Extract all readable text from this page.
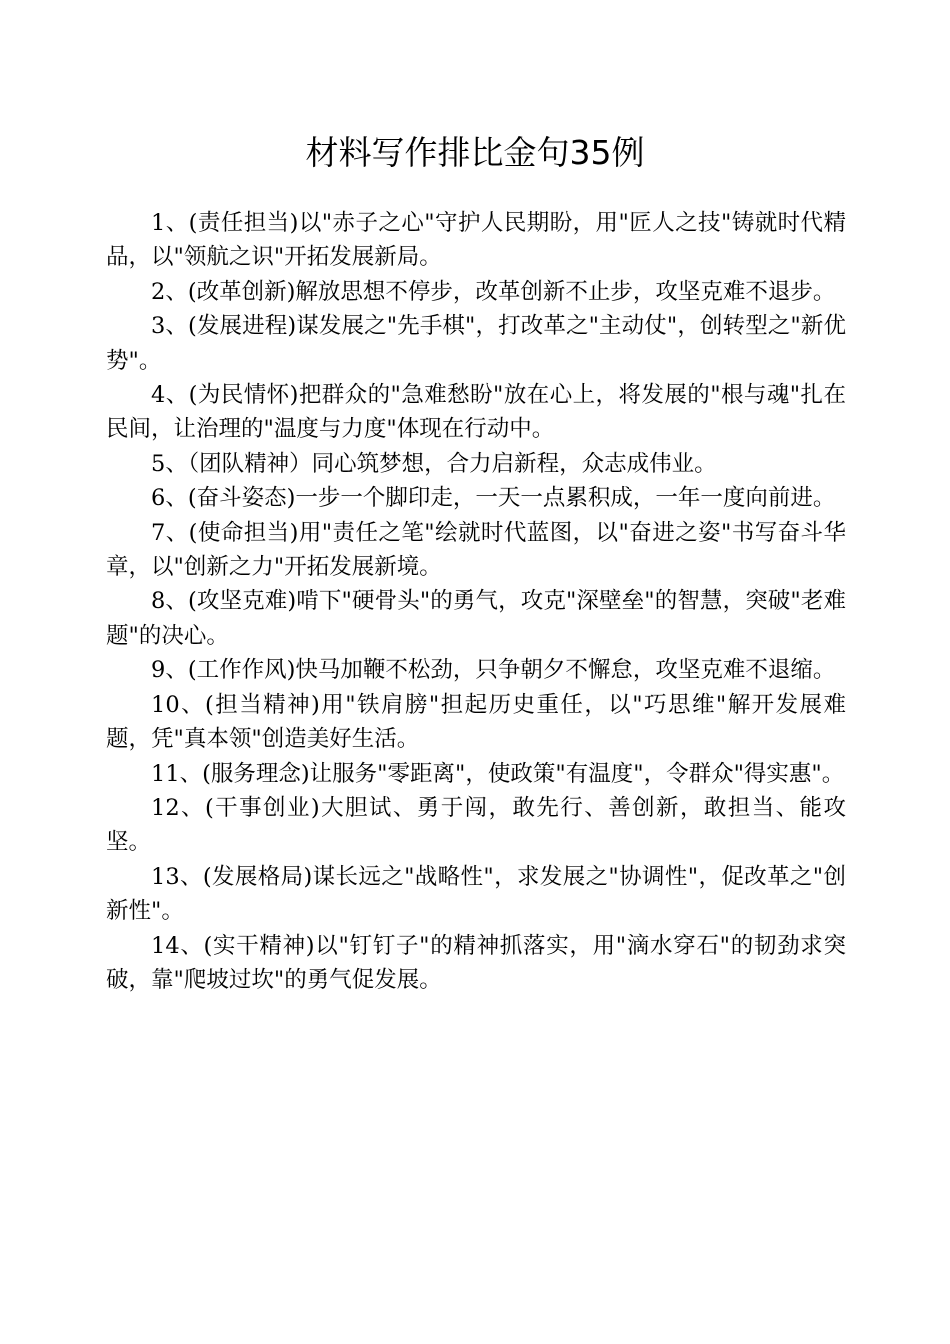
材料写作排比金句35例

1、(责任担当)以"赤子之心"守护人民期盼，用"匠人之技"铸就时代精品，以"领航之识"开拓发展新局。

2、(改革创新)解放思想不停步，改革创新不止步，攻坚克难不退步。

3、(发展进程)谋发展之"先手棋"，打改革之"主动仗"，创转型之"新优势"。

4、(为民情怀)把群众的"急难愁盼"放在心上，将发展的"根与魂"扎在民间，让治理的"温度与力度"体现在行动中。

5、（团队精神）同心筑梦想，合力启新程，众志成伟业。

6、(奋斗姿态)一步一个脚印走，一天一点累积成，一年一度向前进。

7、(使命担当)用"责任之笔"绘就时代蓝图，以"奋进之姿"书写奋斗华章，以"创新之力"开拓发展新境。

8、(攻坚克难)啃下"硬骨头"的勇气，攻克"深壁垒"的智慧，突破"老难题"的决心。

9、(工作作风)快马加鞭不松劲，只争朝夕不懈怠，攻坚克难不退缩。

10、(担当精神)用"铁肩膀"担起历史重任，以"巧思维"解开发展难题，凭"真本领"创造美好生活。

11、(服务理念)让服务"零距离"，使政策"有温度"，令群众"得实惠"。

12、(干事创业)大胆试、勇于闯，敢先行、善创新，敢担当、能攻坚。

13、(发展格局)谋长远之"战略性"，求发展之"协调性"，促改革之"创新性"。

14、(实干精神)以"钉钉子"的精神抓落实，用"滴水穿石"的韧劲求突破，靠"爬坡过坎"的勇气促发展。
